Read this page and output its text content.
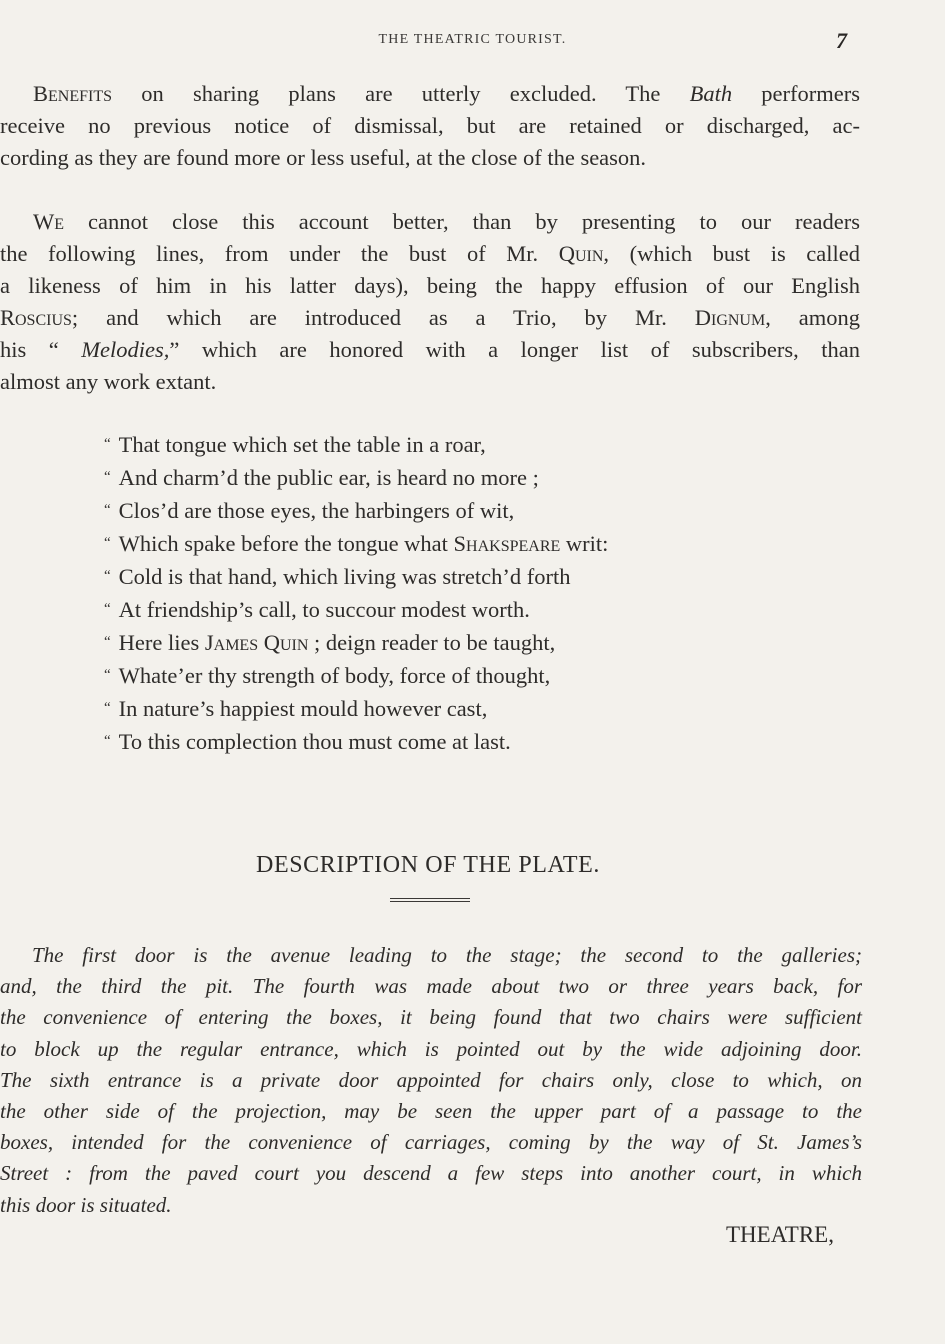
THE THEATRIC TOURIST.	7

Benefits on sharing plans are utterly excluded. The Bath performers
receive no previous notice of dismissal, but are retained or discharged, ac-
cording as they are found more or less useful, at the close of the season.

We cannot close this account better, than by presenting to our readers
the following lines, from under the bust of Mr. Quin, (which bust is called
a likeness of him in his latter days), being the happy effusion of our English
Roscius; and which are introduced as a Trio, by Mr. Dignum, among
his “ Melodies,” which are honored with a longer list of subscribers, than
almost any work extant.

“ That tongue which set the table in a roar,
“ And charm’d the public ear, is heard no more ;
“ Clos’d are those eyes, the harbingers of wit,
“ Which spake before the tongue what Shakspeare writ:
“ Cold is that hand, which living was stretch’d forth
“ At friendship’s call, to succour modest worth.
“ Here lies James Quin ; deign reader to be taught,
“ Whate’er thy strength of body, force of thought,
“ In nature’s happiest mould however cast,
“ To this complection thou must come at last.
DESCRIPTION OF THE PLATE.
The first door is the avenue leading to the stage; the second to the galleries;
and, the third the pit. The fourth was made about two or three years back, for
the convenience of entering the boxes, it being found that two chairs were sufficient
to block up the regular entrance, which is pointed out by the wide adjoining door.
The sixth entrance is a private door appointed for chairs only, close to which, on
the other side of the projection, may be seen the upper part of a passage to the
boxes, intended for the convenience of carriages, coming by the way of St. James’s
Street : from the paved court you descend a few steps into another court, in which
this door is situated.
THEATRE,
